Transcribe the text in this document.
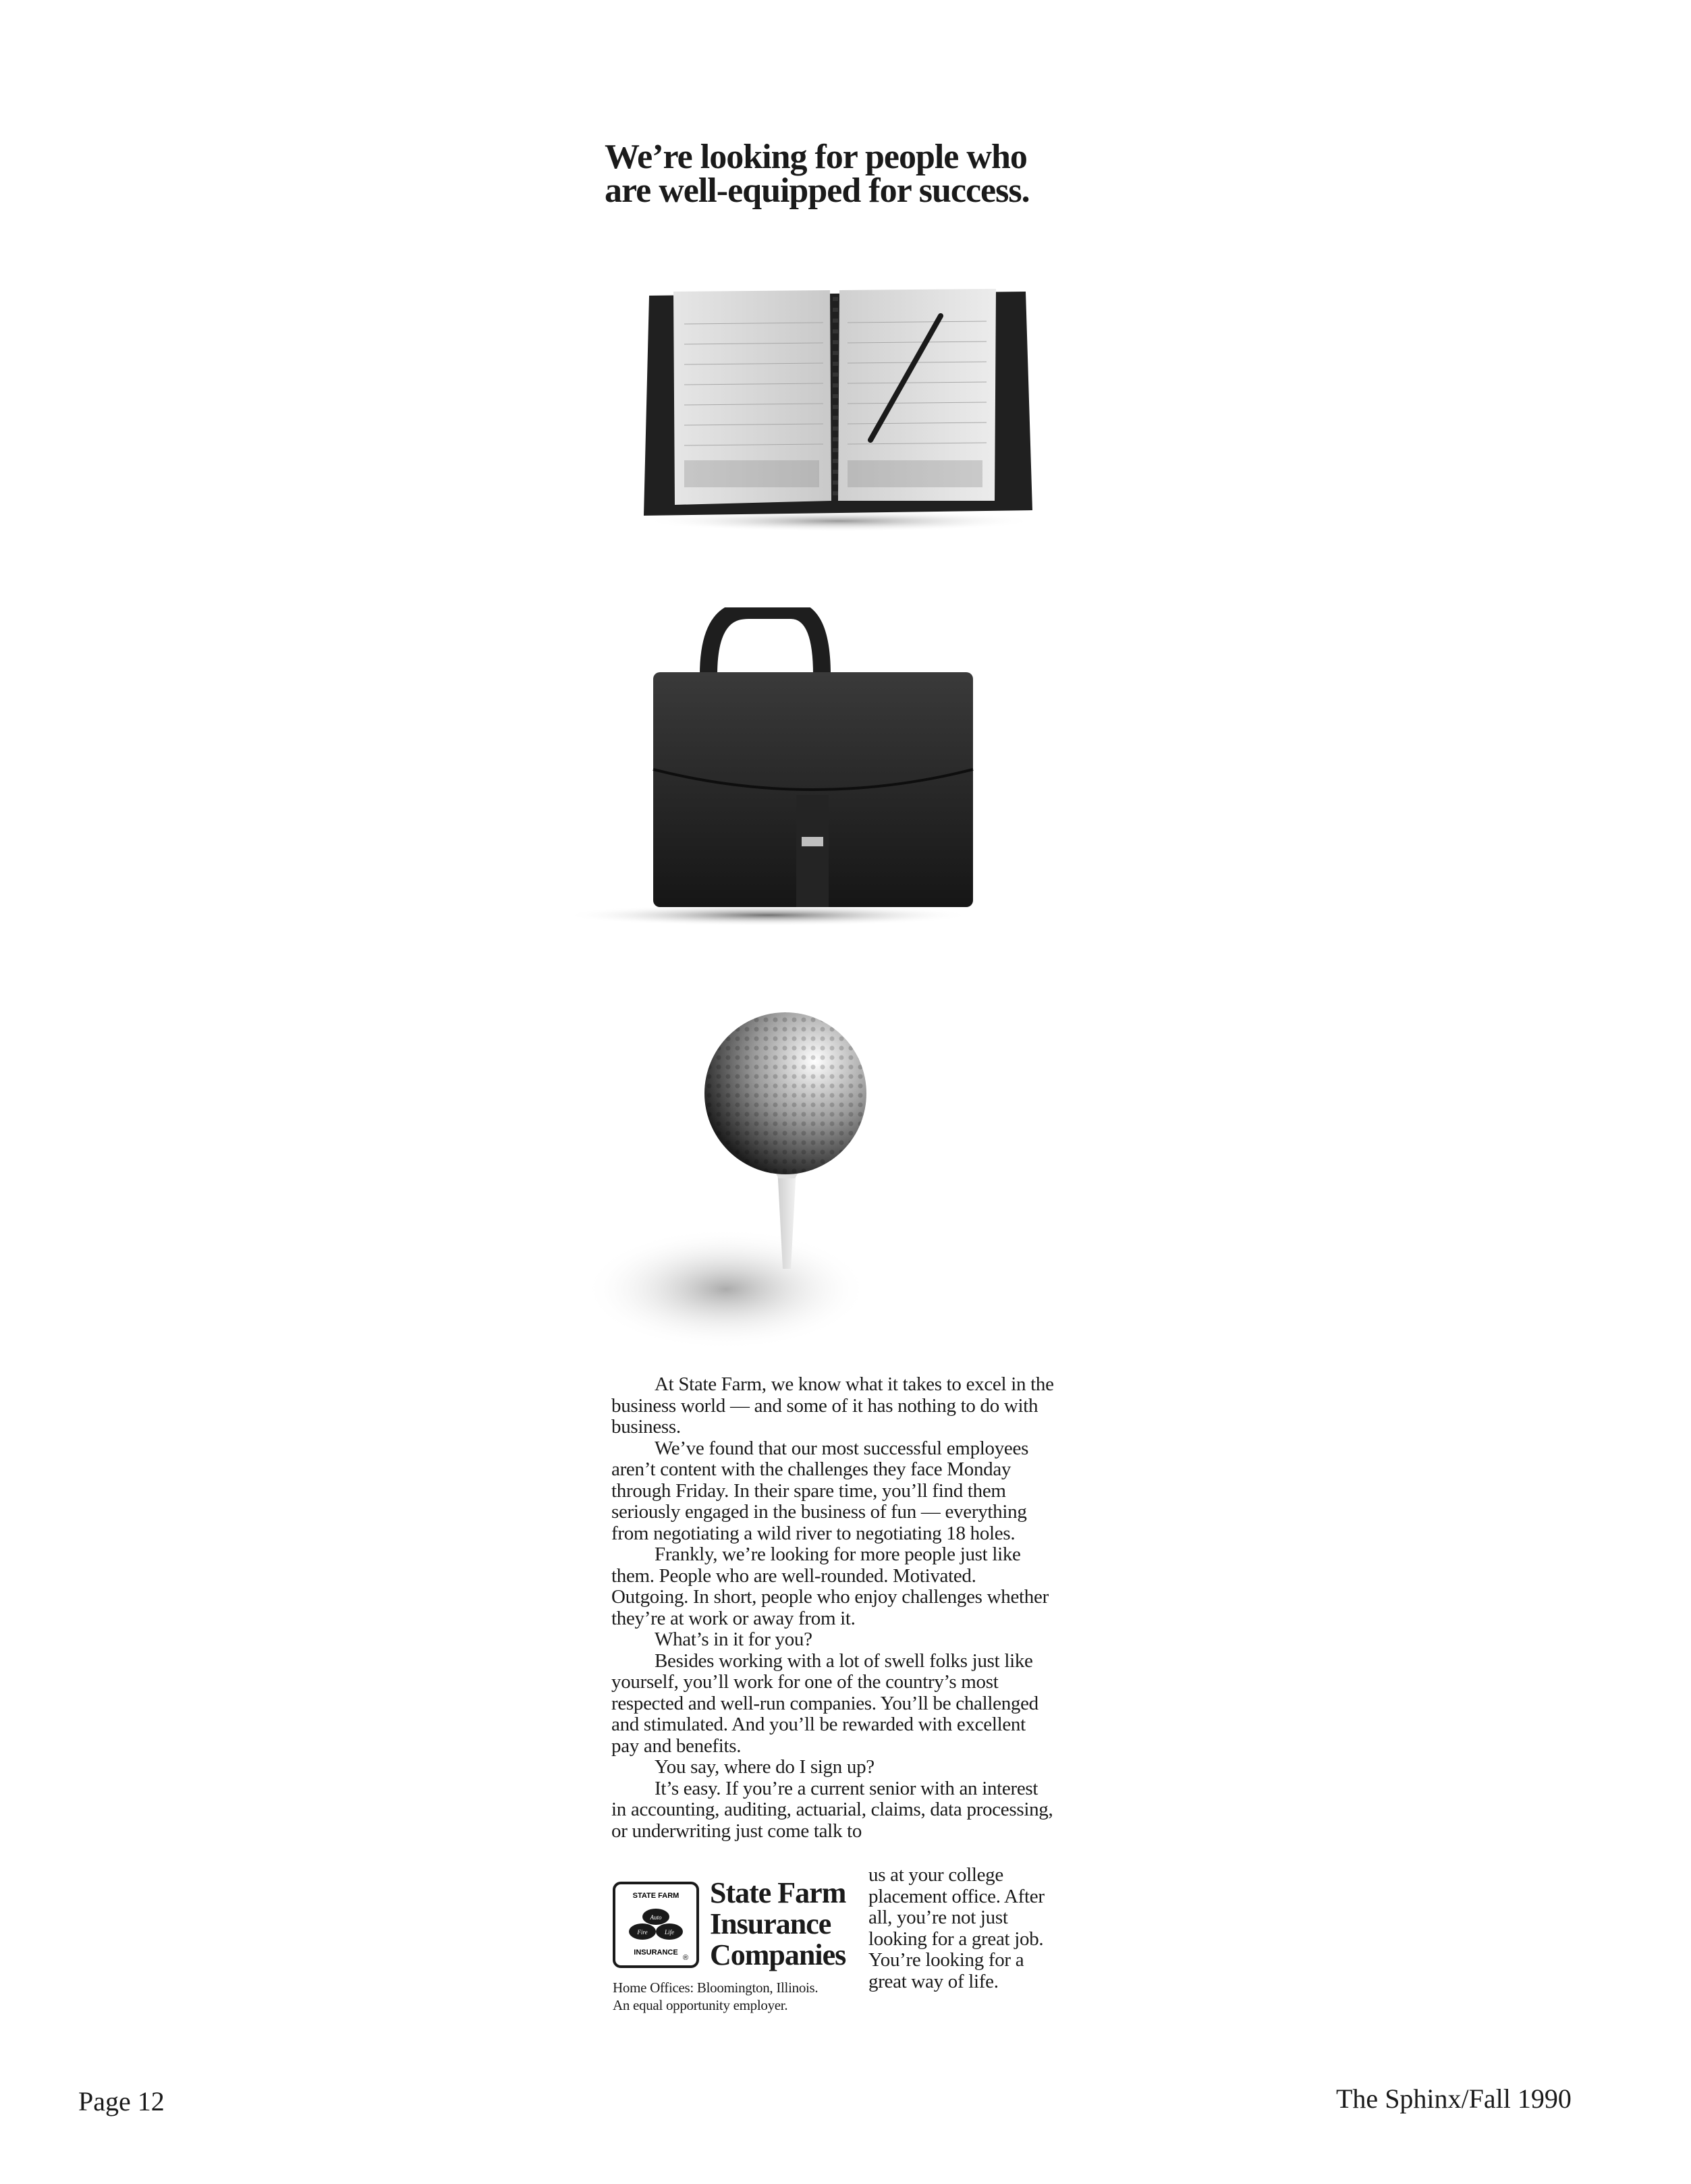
We’re looking for people who
are well-equipped for success.

At State Farm, we know what it takes to excel in the business world — and some of it has nothing to do with business.

We’ve found that our most successful employees aren’t content with the challenges they face Monday through Friday. In their spare time, you’ll find them seriously engaged in the business of fun — everything from negotiating a wild river to negotiating 18 holes.

Frankly, we’re looking for more people just like them. People who are well-rounded. Motivated. Outgoing. In short, people who enjoy challenges whether they’re at work or away from it.

What’s in it for you?

Besides working with a lot of swell folks just like yourself, you’ll work for one of the country’s most respected and well-run companies. You’ll be challenged and stimulated. And you’ll be rewarded with excellent pay and benefits.

You say, where do I sign up?

It’s easy. If you’re a current senior with an interest in accounting, auditing, actuarial, claims, data processing, or underwriting just come talk to

STATE FARM
Auto
Fire	Life
INSURANCE
®
State Farm
Insurance
Companies
Home Offices: Bloomington, Illinois.
An equal opportunity employer.
us at your college placement office. After all, you’re not just looking for a great job. You’re looking for a great way of life.
Page 12	The Sphinx/Fall 1990
